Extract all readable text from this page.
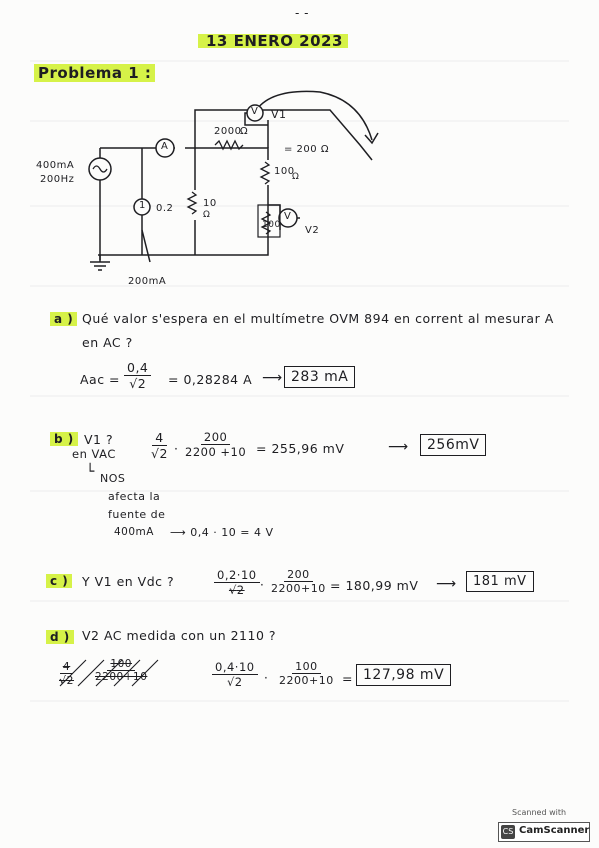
- -
13 ENERO 2023
Problema 1 :
400mA
200Hz
A
V V1
V
V2
2000
Ω
= 200 Ω
100
Ω
10
Ω
100
1 0.2
200mA
a ) Qué valor s'espera en el multímetre OVM 894 en corrent al mesurar A
en AC ?
Aac = 0,4
√ 2 = 0,28284 A ⟶ 283 mA
b ) V1 ?
en VAC	4
√ $2 \cdot \frac{200}{2200 +10} = 255,96$ mV	⟶	256mV
└ NOS
afecta la
fuente de
400mA ⟶ 0,4 · 10 = 4 V
c )	Y V1 en Vdc ?	0,2·10
√ $2 \cdot \frac{200}{2200+10} = 180,99$ mV ⟶	181 mV
d ) V2 AC medida con un 2110 ?
4
√ $2 \frac{100}{2200+10}$	0,4·10
√ $2 \cdot \frac{100}{2200+10} = 127,98$ mV
Scanned with
CS CamScanner
